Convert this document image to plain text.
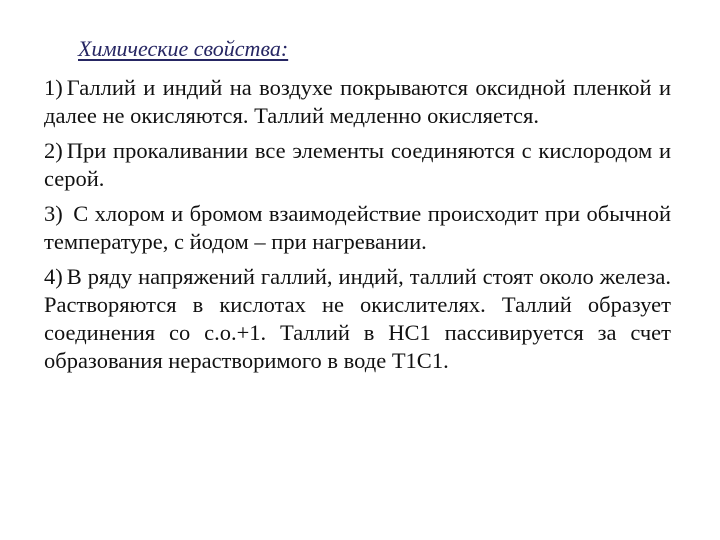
Химические свойства:

1) Галлий и индий на воздухе покрываются оксидной пленкой и далее не окисляются. Таллий медленно окисляется.

2) При прокаливании все элементы соединяются с кислородом и серой.

3) С хлором и бромом взаимодействие происходит при обычной температуре, с йодом – при нагревании.

4) В ряду напряжений галлий, индий, таллий стоят около железа. Растворяются в кислотах не окислителях. Таллий образует соединения со с.о.+1. Таллий в НС1 пассивируется за счет образования нерастворимого в воде Т1С1.
